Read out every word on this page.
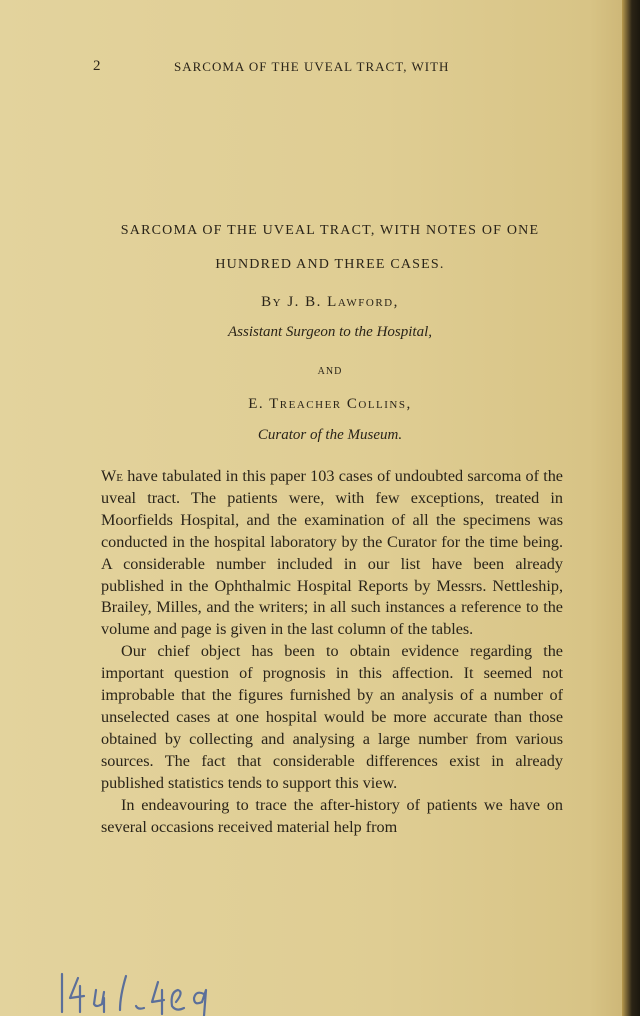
2	SARCOMA OF THE UVEAL TRACT, WITH
SARCOMA OF THE UVEAL TRACT, WITH NOTES OF ONE
HUNDRED AND THREE CASES.
By J. B. Lawford,
Assistant Surgeon to the Hospital,
AND
E. Treacher Collins,
Curator of the Museum.

We have tabulated in this paper 103 cases of undoubted sarcoma of the uveal tract. The patients were, with few exceptions, treated in Moorfields Hospital, and the examination of all the specimens was conducted in the hospital laboratory by the Curator for the time being. A considerable number included in our list have been already published in the Ophthalmic Hospital Reports by Messrs. Nettleship, Brailey, Milles, and the writers; in all such instances a reference to the volume and page is given in the last column of the tables.

Our chief object has been to obtain evidence regarding the important question of prognosis in this affection. It seemed not improbable that the figures furnished by an analysis of a number of unselected cases at one hospital would be more accurate than those obtained by collecting and analysing a large number from various sources. The fact that considerable differences exist in already published statistics tends to support this view.

In endeavouring to trace the after-history of patients we have on several occasions received material help from
